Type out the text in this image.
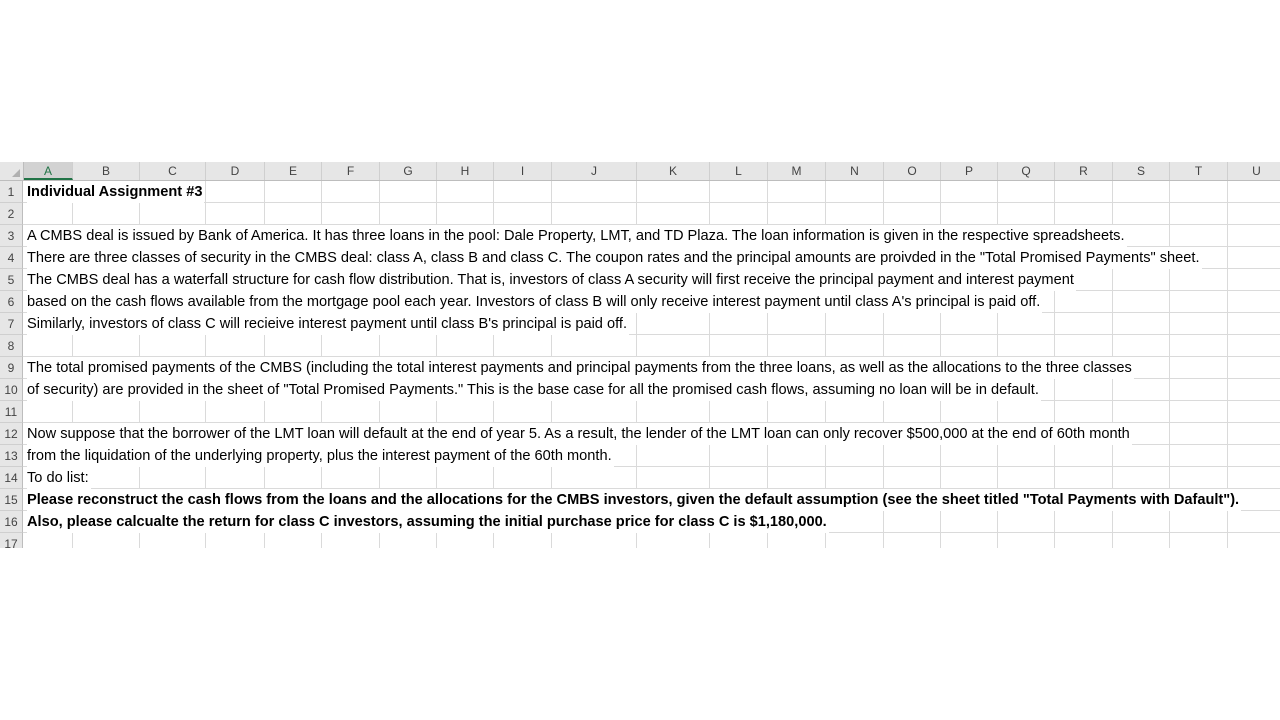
A	B	C	D	E	F	G	H	I	J	K	L	M	N	O	P	Q	R	S	T	U
1 Individual Assignment #3
2
3 A CMBS deal is issued by Bank of America. It has three loans in the pool: Dale Property, LMT, and TD Plaza. The loan information is given in the respective spreadsheets.
4 There are three classes of security in the CMBS deal: class A, class B and class C. The coupon rates and the principal amounts are proivded in the "Total Promised Payments" sheet.
5 The CMBS deal has a waterfall structure for cash flow distribution. That is, investors of class A security will first receive the principal payment and interest payment
6 based on the cash flows available from the mortgage pool each year. Investors of class B will only receive interest payment until class A's principal is paid off.
7 Similarly, investors of class C will recieive interest payment until class B's principal is paid off.
8
9 The total promised payments of the CMBS (including the total interest payments and principal payments from the three loans, as well as the allocations to the three classes
10 of security) are provided in the sheet of "Total Promised Payments." This is the base case for all the promised cash flows, assuming no loan will be in default.
11
12 Now suppose that the borrower of the LMT loan will default at the end of year 5. As a result, the lender of the LMT loan can only recover $500,000 at the end of 60th month
13 from the liquidation of the underlying property, plus the interest payment of the 60th month.
14 To do list:
15 Please reconstruct the cash flows from the loans and the allocations for the CMBS investors, given the default assumption (see the sheet titled "Total Payments with Dafault").
16 Also, please calcualte the return for class C investors, assuming the initial purchase price for class C is $1,180,000.
17
